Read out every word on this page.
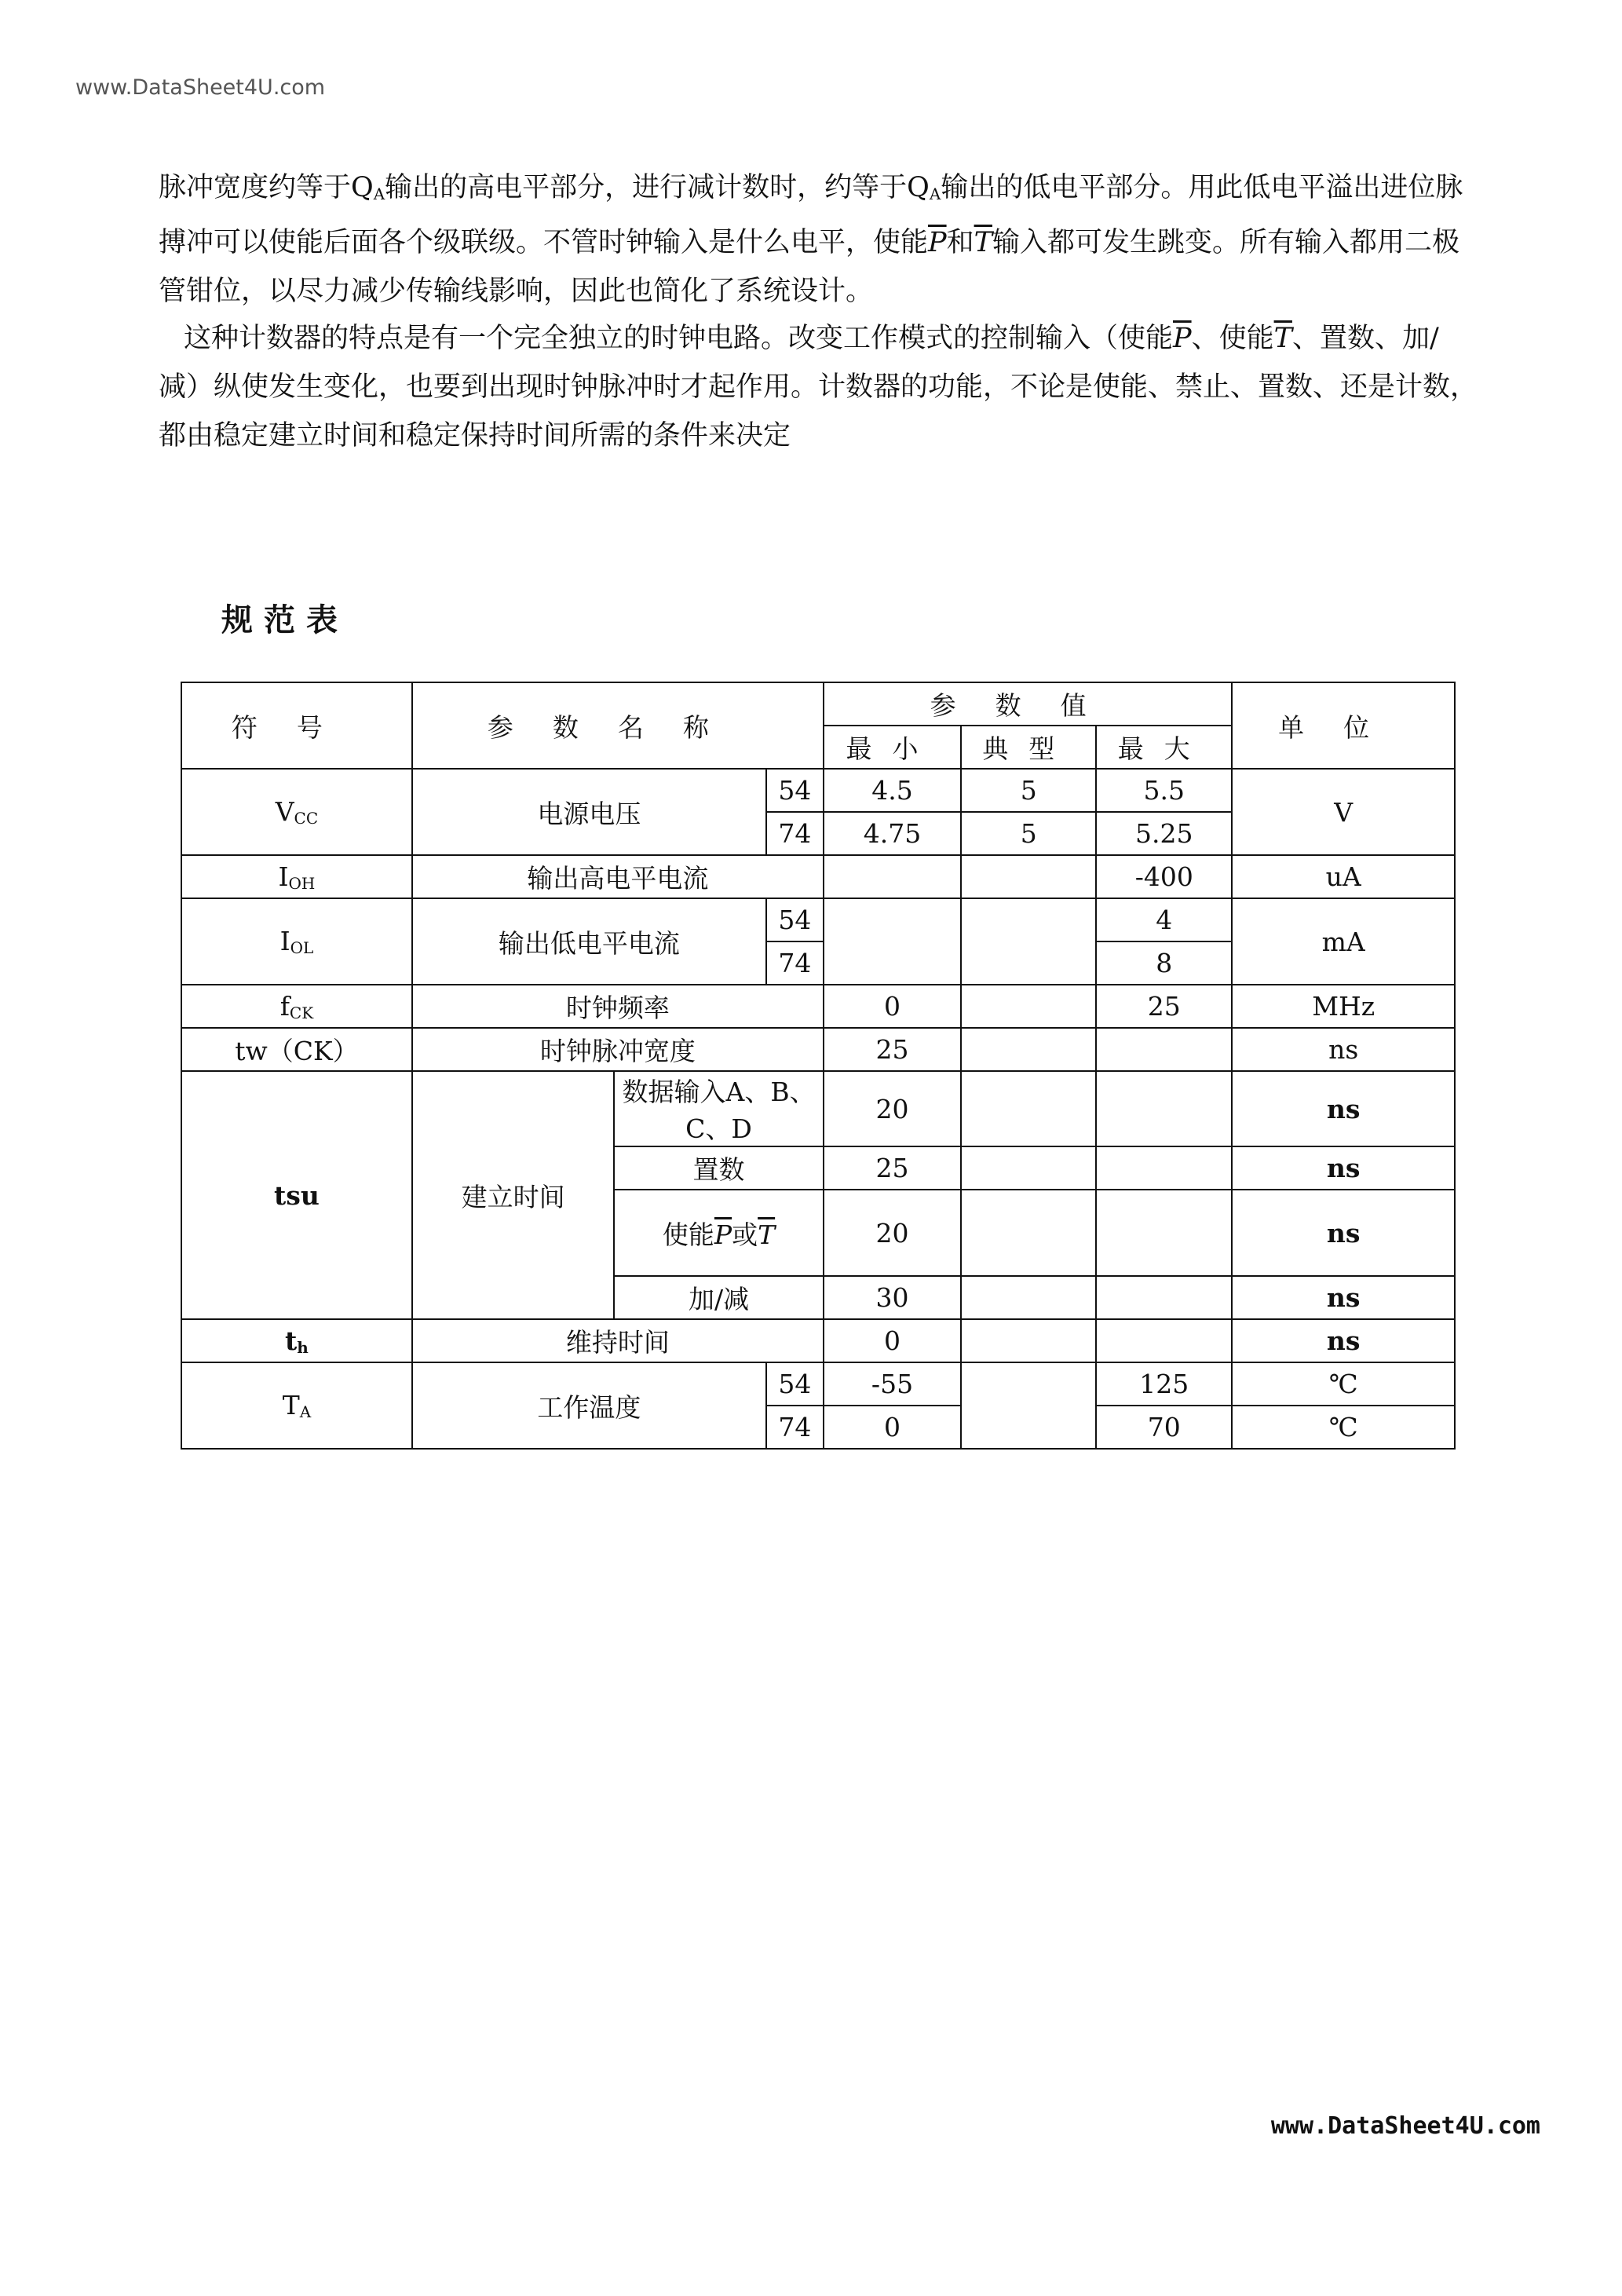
www.DataSheet4U.com

脉冲宽度约等于$Q_A$输出的高电平部分，进行减计数时，约等于$Q_A$输出的低电平部分。用此低电平溢出进位脉搏冲可以使能后面各个级联级。不管时钟输入是什么电平，使能$\overline{P}$和$\overline{T}$输入都可发生跳变。所有输入都用二极管钳位，以尽力减少传输线影响，因此也简化了系统设计。

这种计数器的特点是有一个完全独立的时钟电路。改变工作模式的控制输入（使能$\overline{P}$、使能$\overline{T}$、置数、加/减）纵使发生变化，也要到出现时钟脉冲时才起作用。计数器的功能，不论是使能、禁止、置数、还是计数，都由稳定建立时间和稳定保持时间所需的条件来决定

规范表
符号	参数名称			参数值			单位
				最小	典型	最大	
$V_{CC}$	电源电压		54	4.5	5	5.5	V
			74	4.75	5	5.25	
$I_{OH}$	输出高电平电流					-400	uA
$I_{OL}$	输出低电平电流		54			4	mA
			74			8	
$f_{CK}$	时钟频率			0		25	MHz
tw（CK）	时钟脉冲宽度			25			ns
tsu	建立时间	数据输入A、B、C、D		20			ns
		置数		25			ns
		使能$\overline{P}$或$\overline{T}$		20			ns
		加/减		30			ns
$t_h$	维持时间			0			ns
$T_A$	工作温度		54	-55		125	℃
			74	0		70	℃
www.DataSheet4U.com
